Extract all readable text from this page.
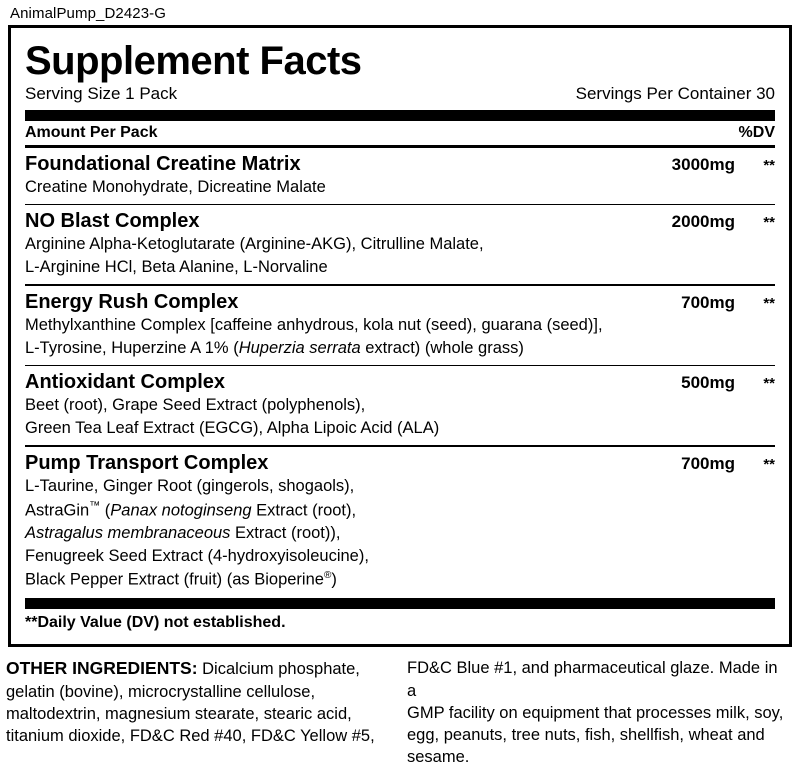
AnimalPump_D2423-G
Supplement Facts
Serving Size 1 Pack	Servings Per Container 30
Amount Per Pack	%DV
Foundational Creatine Matrix	3000mg	**
Creatine Monohydrate, Dicreatine Malate
NO Blast Complex	2000mg	**
Arginine Alpha-Ketoglutarate (Arginine-AKG), Citrulline Malate,
L-Arginine HCl, Beta Alanine, L-Norvaline
Energy Rush Complex	700mg	**
Methylxanthine Complex [caffeine anhydrous, kola nut (seed), guarana (seed)],
L-Tyrosine, Huperzine A 1% (Huperzia serrata extract) (whole grass)
Antioxidant Complex	500mg	**
Beet (root), Grape Seed Extract (polyphenols),
Green Tea Leaf Extract (EGCG), Alpha Lipoic Acid (ALA)
Pump Transport Complex	700mg	**
L-Taurine, Ginger Root (gingerols, shogaols),
AstraGin™ (Panax notoginseng Extract (root),
Astragalus membranaceous Extract (root)),
Fenugreek Seed Extract (4-hydroxyisoleucine),
Black Pepper Extract (fruit) (as Bioperine®)
**Daily Value (DV) not established.
OTHER INGREDIENTS: Dicalcium phosphate,
gelatin (bovine), microcrystalline cellulose,
maltodextrin, magnesium stearate, stearic acid,
titanium dioxide, FD&C Red #40, FD&C Yellow #5,
FD&C Blue #1, and pharmaceutical glaze. Made in a
GMP facility on equipment that processes milk, soy,
egg, peanuts, tree nuts, fish, shellfish, wheat and
sesame.
